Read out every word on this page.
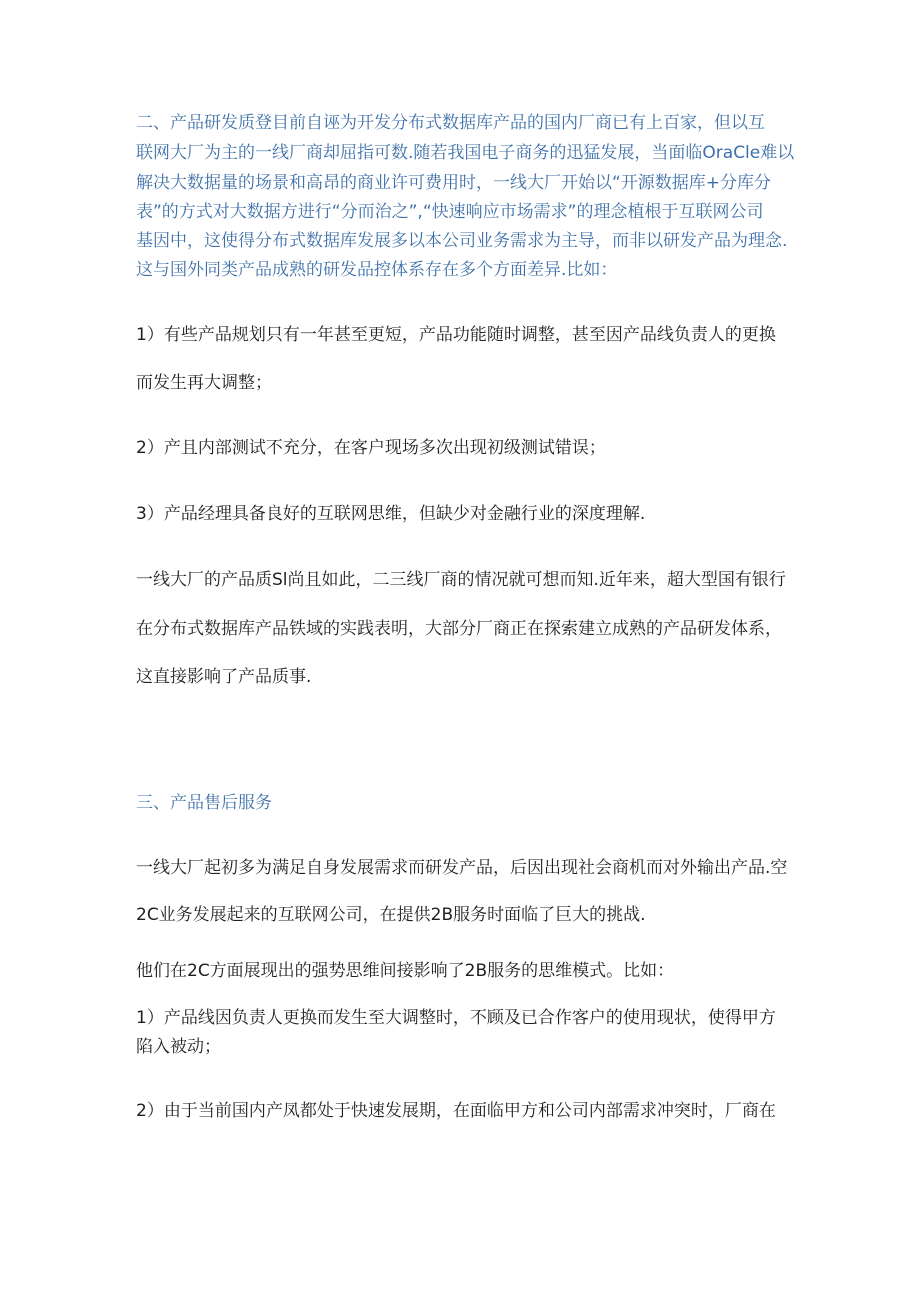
二、产品研发质登目前自诬为开发分布式数据库产品的国内厂商已有上百家，但以互

联网大厂为主的一线厂商却屈指可数.随若我国电子商务的迅猛发展，当面临OraCle难以

解决大数据量的场景和高昂的商业许可费用时，一线大厂开始以“开源数据库+分库分

表”的方式对大数据方进行“分而治之”,“快速响应市场需求”的理念植根于互联网公司

基因中，这使得分布式数据库发展多以本公司业务需求为主导，而非以研发产品为理念.

这与国外同类产品成熟的研发品控体系存在多个方面差异.比如：

1）有些产品规划只有一年甚至更短，产品功能随时调整，甚至因产品线负责人的更换

而发生再大调整；

2）产且内部测试不充分，在客户现场多次出现初级测试错误；

3）产品经理具备良好的互联网思维，但缺少对金融行业的深度理解.

一线大厂的产品质Sl尚且如此，二三线厂商的情况就可想而知.近年来，超大型国有银行

在分布式数据库产品铁域的实践表明，大部分厂商正在探索建立成熟的产品研发体系，

这直接影响了产品质事.

三、产品售后服务

一线大厂起初多为满足自身发展需求而研发产品，后因出现社会商机而对外输出产品.空

2C业务发展起来的互联网公司，在提供2B服务时面临了巨大的挑战.

他们在2C方面展现出的强势思维间接影响了2B服务的思维模式。比如：

1）产品线因负责人更换而发生至大调整时，不顾及已合作客户的使用现状，使得甲方

陷入被动；

2）由于当前国内产凤都处于快速发展期，在面临甲方和公司内部需求冲突时，厂商在
